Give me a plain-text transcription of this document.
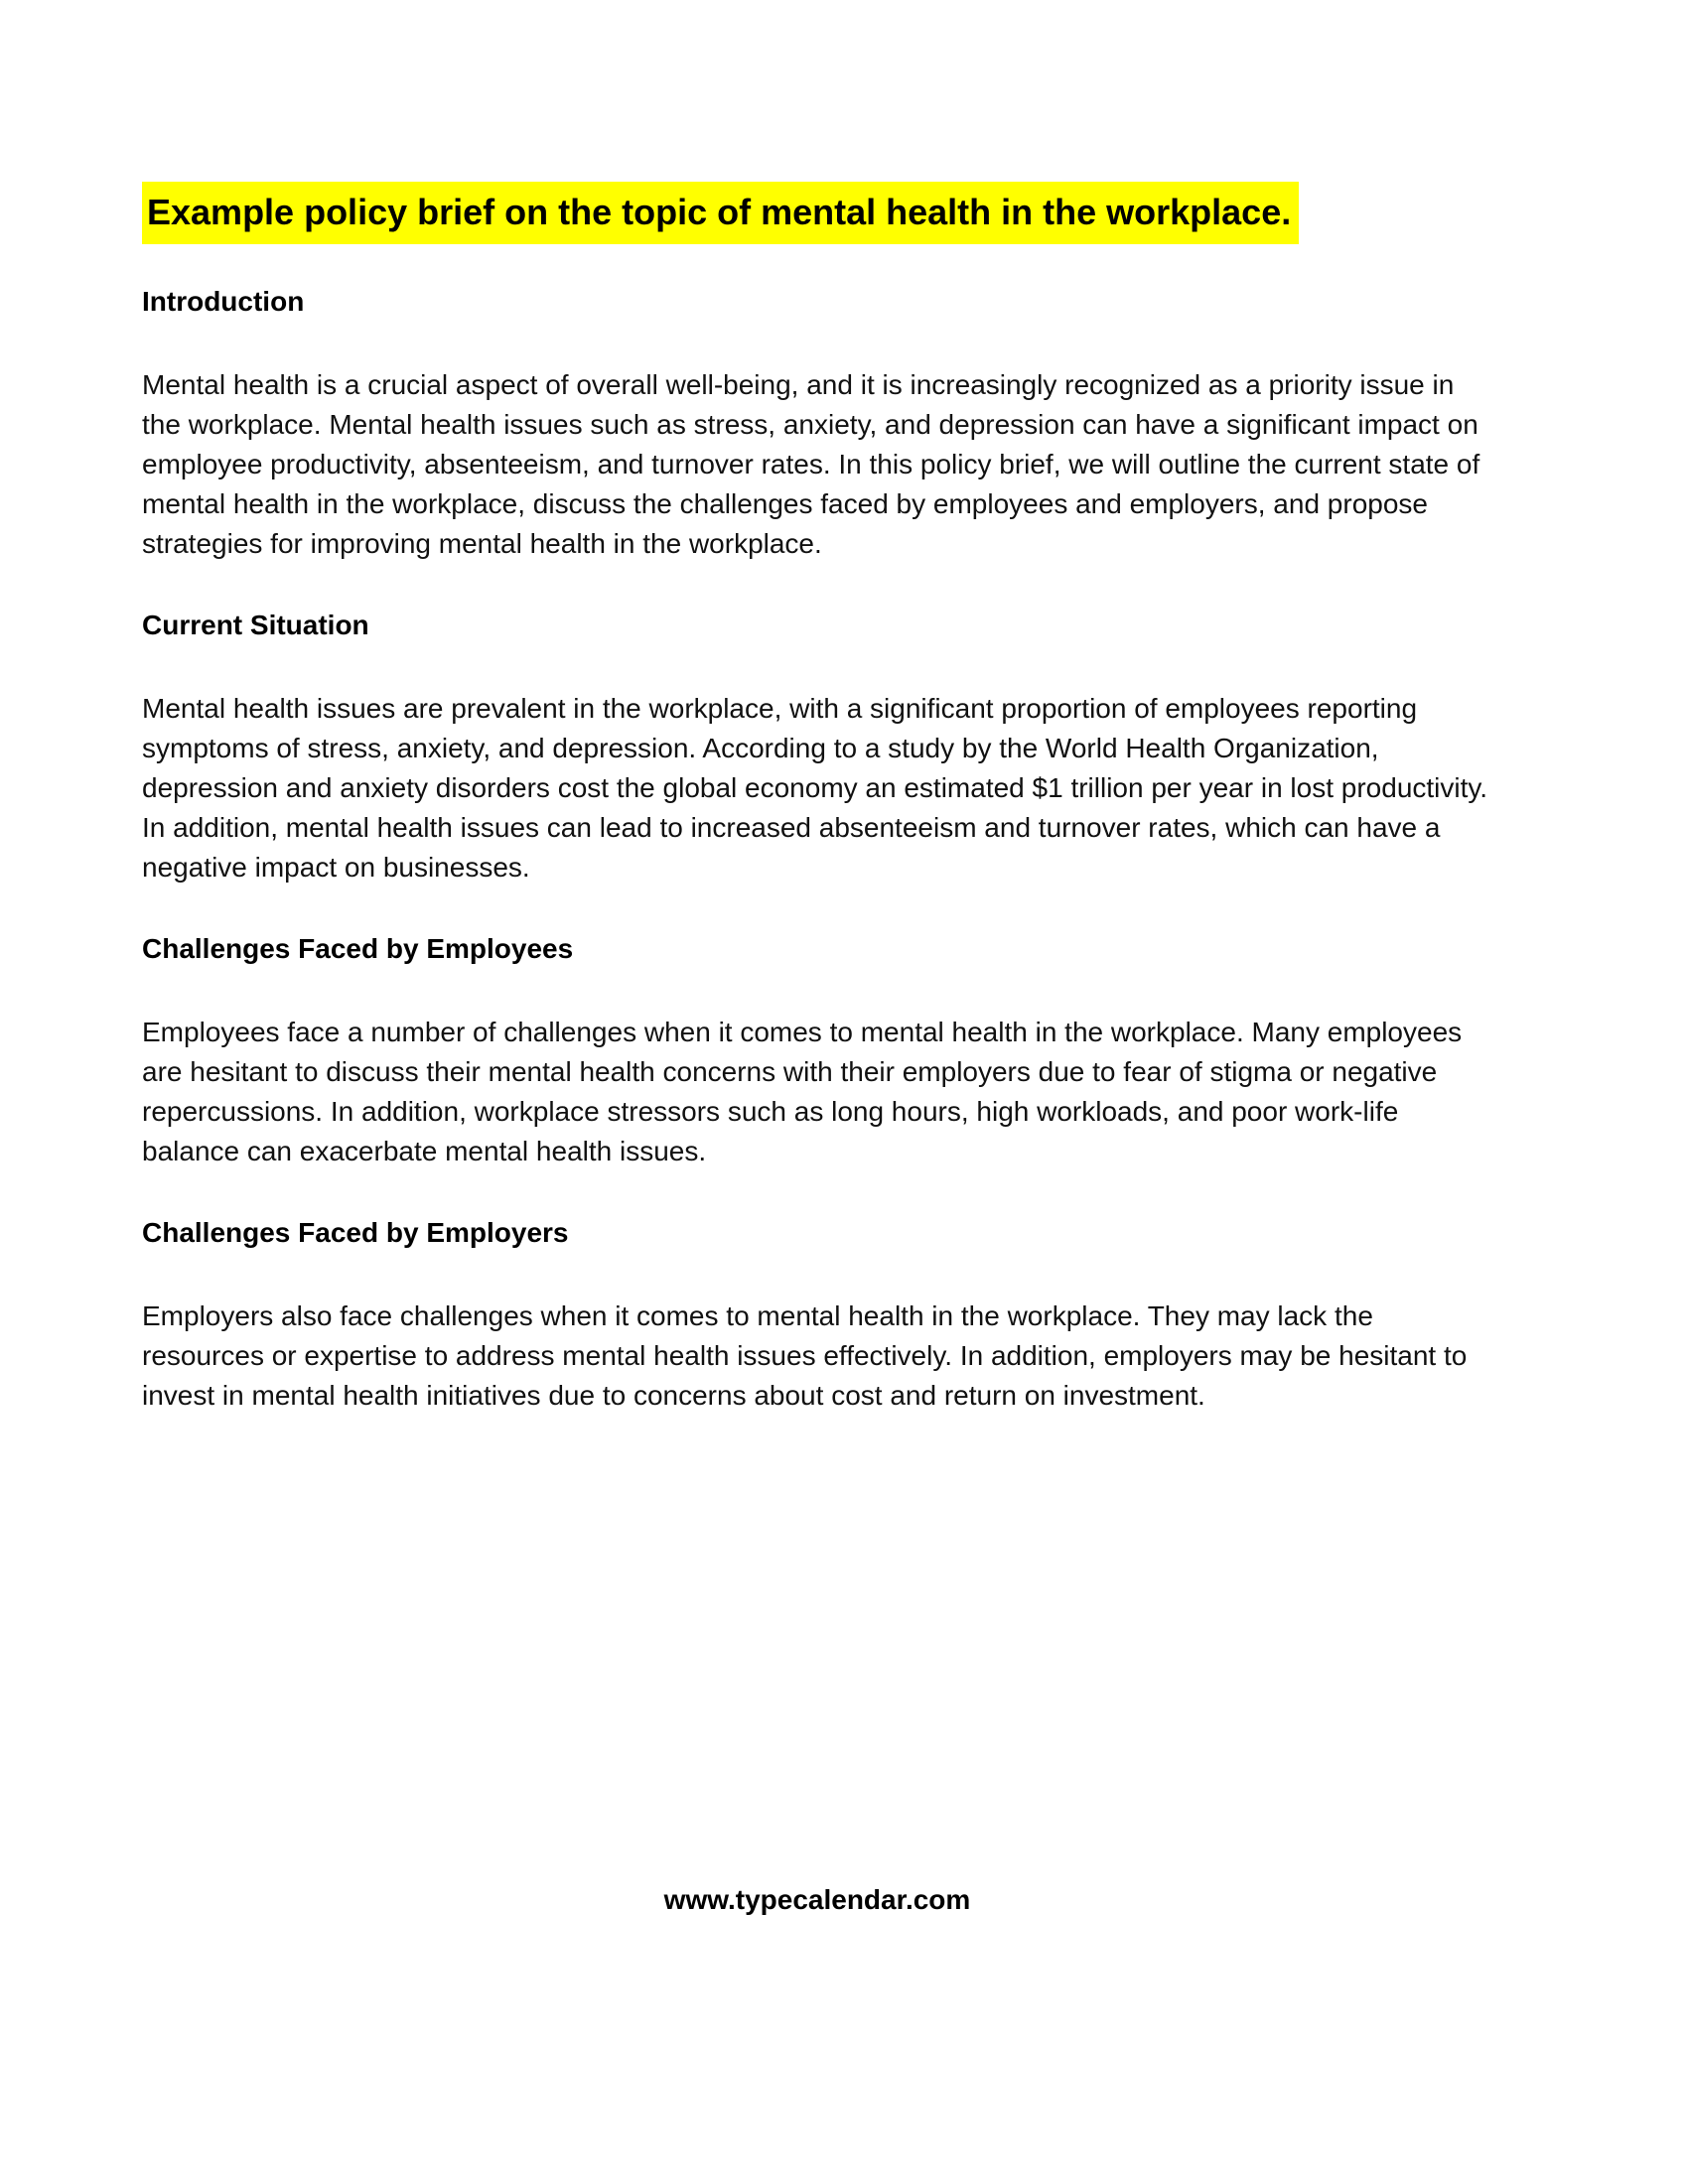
Example policy brief on the topic of mental health in the workplace.
Introduction

Mental health is a crucial aspect of overall well-being, and it is increasingly recognized as a priority issue in the workplace. Mental health issues such as stress, anxiety, and depression can have a significant impact on employee productivity, absenteeism, and turnover rates. In this policy brief, we will outline the current state of mental health in the workplace, discuss the challenges faced by employees and employers, and propose strategies for improving mental health in the workplace.

Current Situation

Mental health issues are prevalent in the workplace, with a significant proportion of employees reporting symptoms of stress, anxiety, and depression. According to a study by the World Health Organization, depression and anxiety disorders cost the global economy an estimated $1 trillion per year in lost productivity. In addition, mental health issues can lead to increased absenteeism and turnover rates, which can have a negative impact on businesses.

Challenges Faced by Employees

Employees face a number of challenges when it comes to mental health in the workplace. Many employees are hesitant to discuss their mental health concerns with their employers due to fear of stigma or negative repercussions. In addition, workplace stressors such as long hours, high workloads, and poor work-life balance can exacerbate mental health issues.

Challenges Faced by Employers

Employers also face challenges when it comes to mental health in the workplace. They may lack the resources or expertise to address mental health issues effectively. In addition, employers may be hesitant to invest in mental health initiatives due to concerns about cost and return on investment.

www.typecalendar.com
